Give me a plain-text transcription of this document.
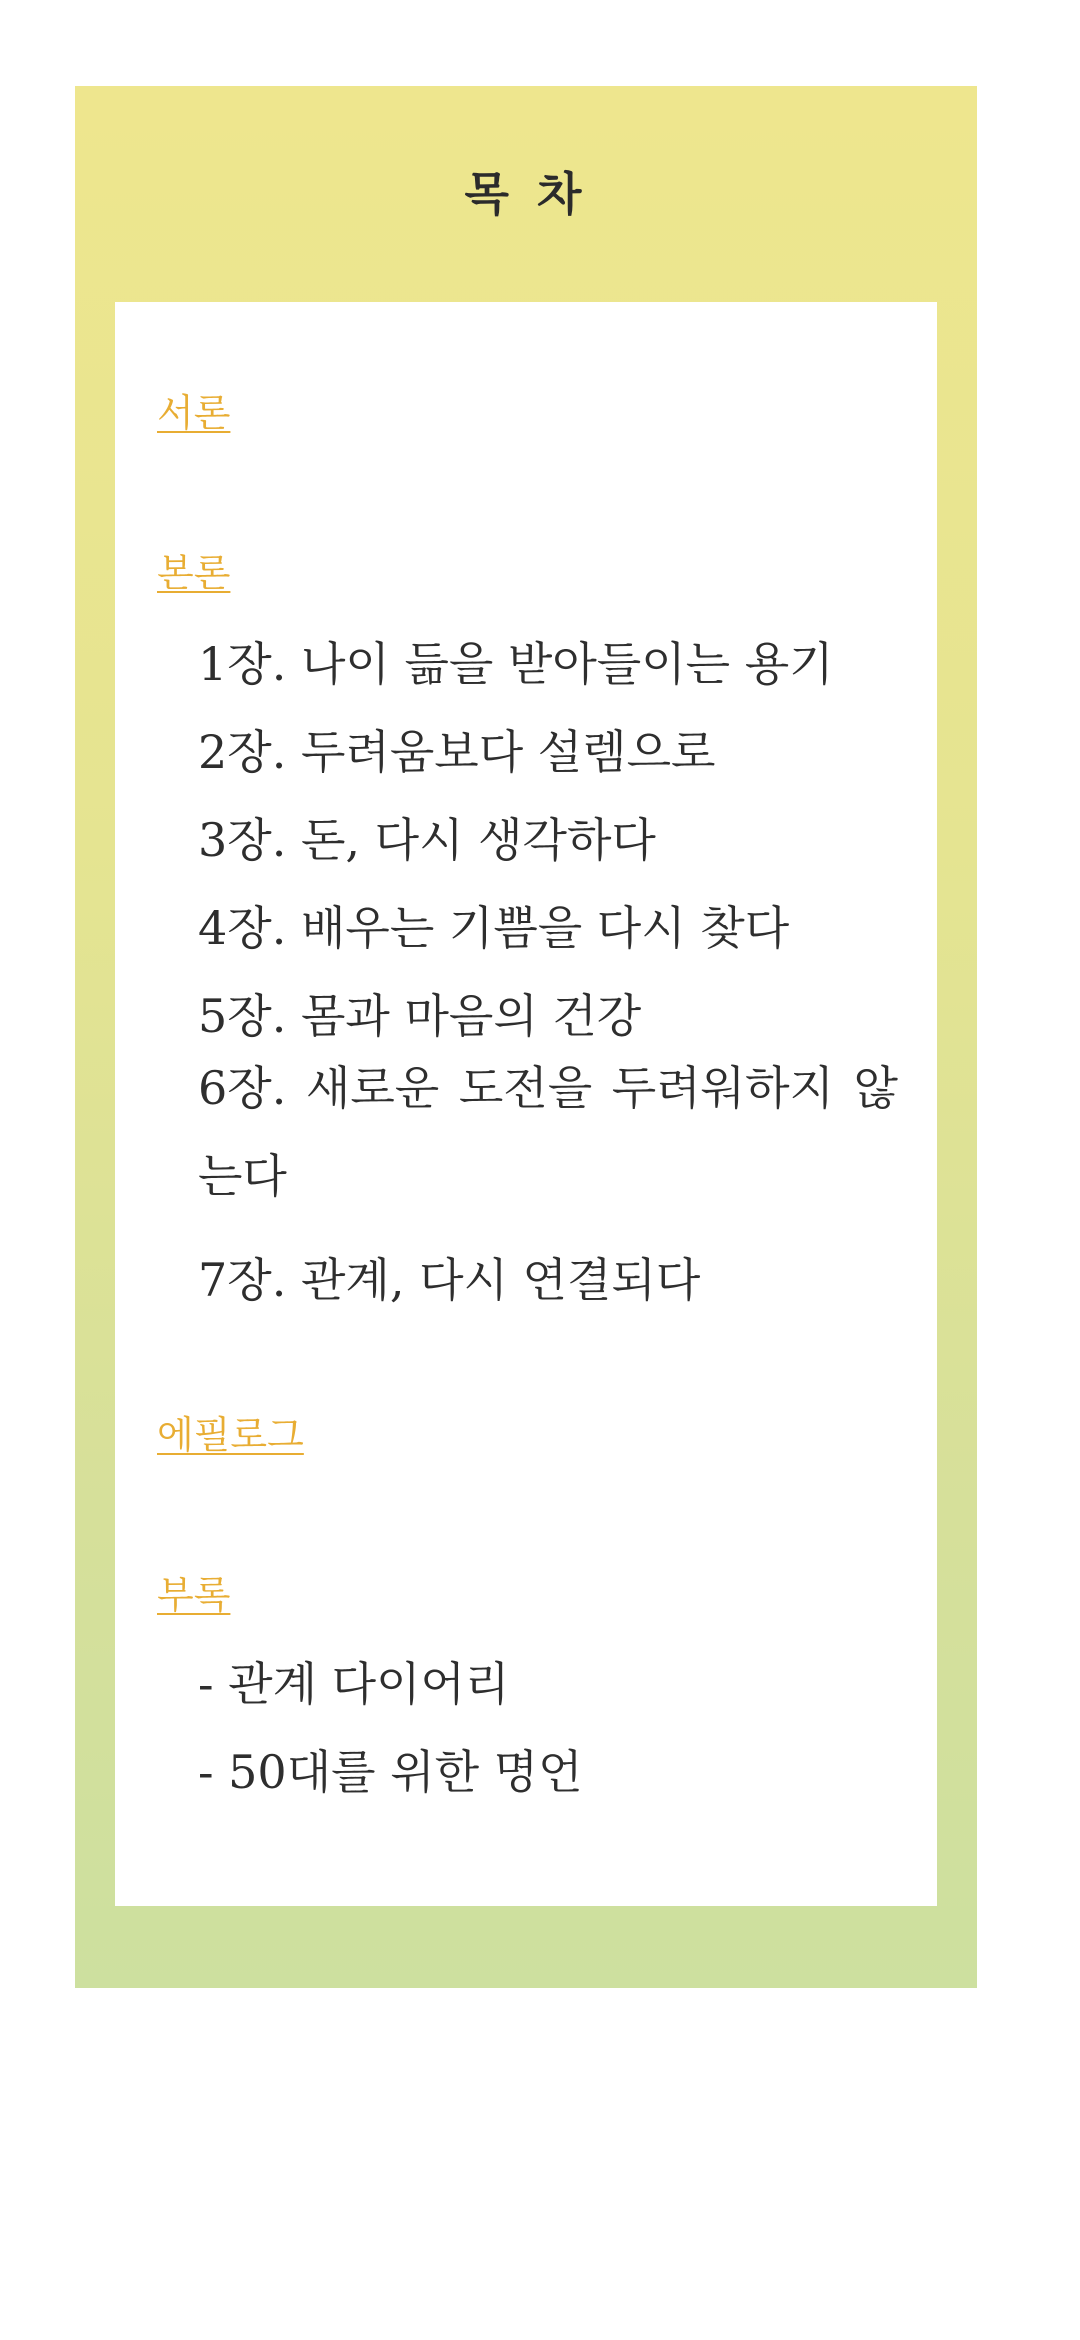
목 차
서론
본론

1장. 나이 듦을 받아들이는 용기

2장. 두려움보다 설렘으로

3장. 돈, 다시 생각하다

4장. 배우는 기쁨을 다시 찾다

5장. 몸과 마음의 건강

6장. 새로운 도전을 두려워하지 않는다

7장. 관계, 다시 연결되다

에필로그
부록

- 관계 다이어리

- 50대를 위한 명언
